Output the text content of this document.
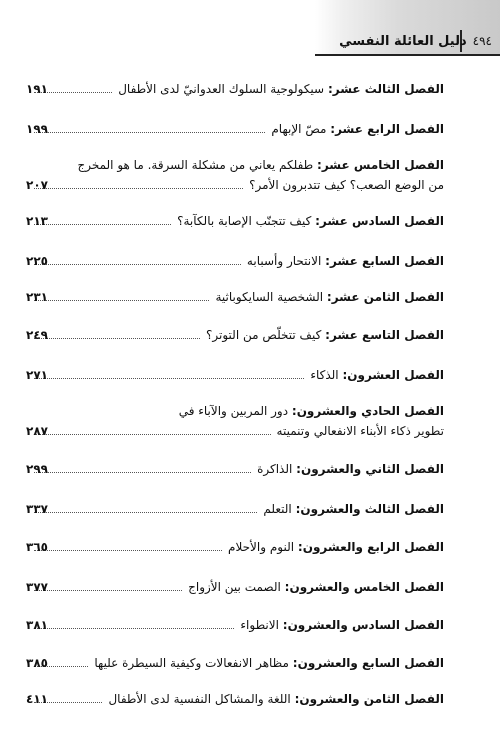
٤٩٤
دليل العائلة النفسي
الفصل الثالث عشر: سيكولوجية السلوك العدوانيّ لدى الأطفال
١٩١
الفصل الرابع عشر: مصّ الإبهام
١٩٩
الفصل الخامس عشر: طفلكم يعاني من مشكلة السرقة. ما هو المخرج
من الوضع الصعب؟ كيف تتدبرون الأمر؟
٢٠٧
الفصل السادس عشر: كيف تتجنّب الإصابة بالكآبة؟
٢١٣
الفصل السابع عشر: الانتحار وأسبابه
٢٢٥
الفصل الثامن عشر: الشخصية السايكوباثية
٢٣١
الفصل التاسع عشر: كيف تتخلّص من التوتر؟
٢٤٩
الفصل العشرون: الذكاء
٢٧١
الفصل الحادي والعشرون: دور المربين والآباء في
تطوير ذكاء الأبناء الانفعالي وتنميته
٢٨٧
الفصل الثاني والعشرون: الذاكرة
٢٩٩
الفصل الثالث والعشرون: التعلم
٣٣٧
الفصل الرابع والعشرون: النوم والأحلام
٣٦٥
الفصل الخامس والعشرون: الصمت بين الأزواج
٣٧٧
الفصل السادس والعشرون: الانطواء
٣٨١
الفصل السابع والعشرون: مظاهر الانفعالات وكيفية السيطرة عليها
٣٨٥
الفصل الثامن والعشرون: اللغة والمشاكل النفسية لدى الأطفال
٤١١
